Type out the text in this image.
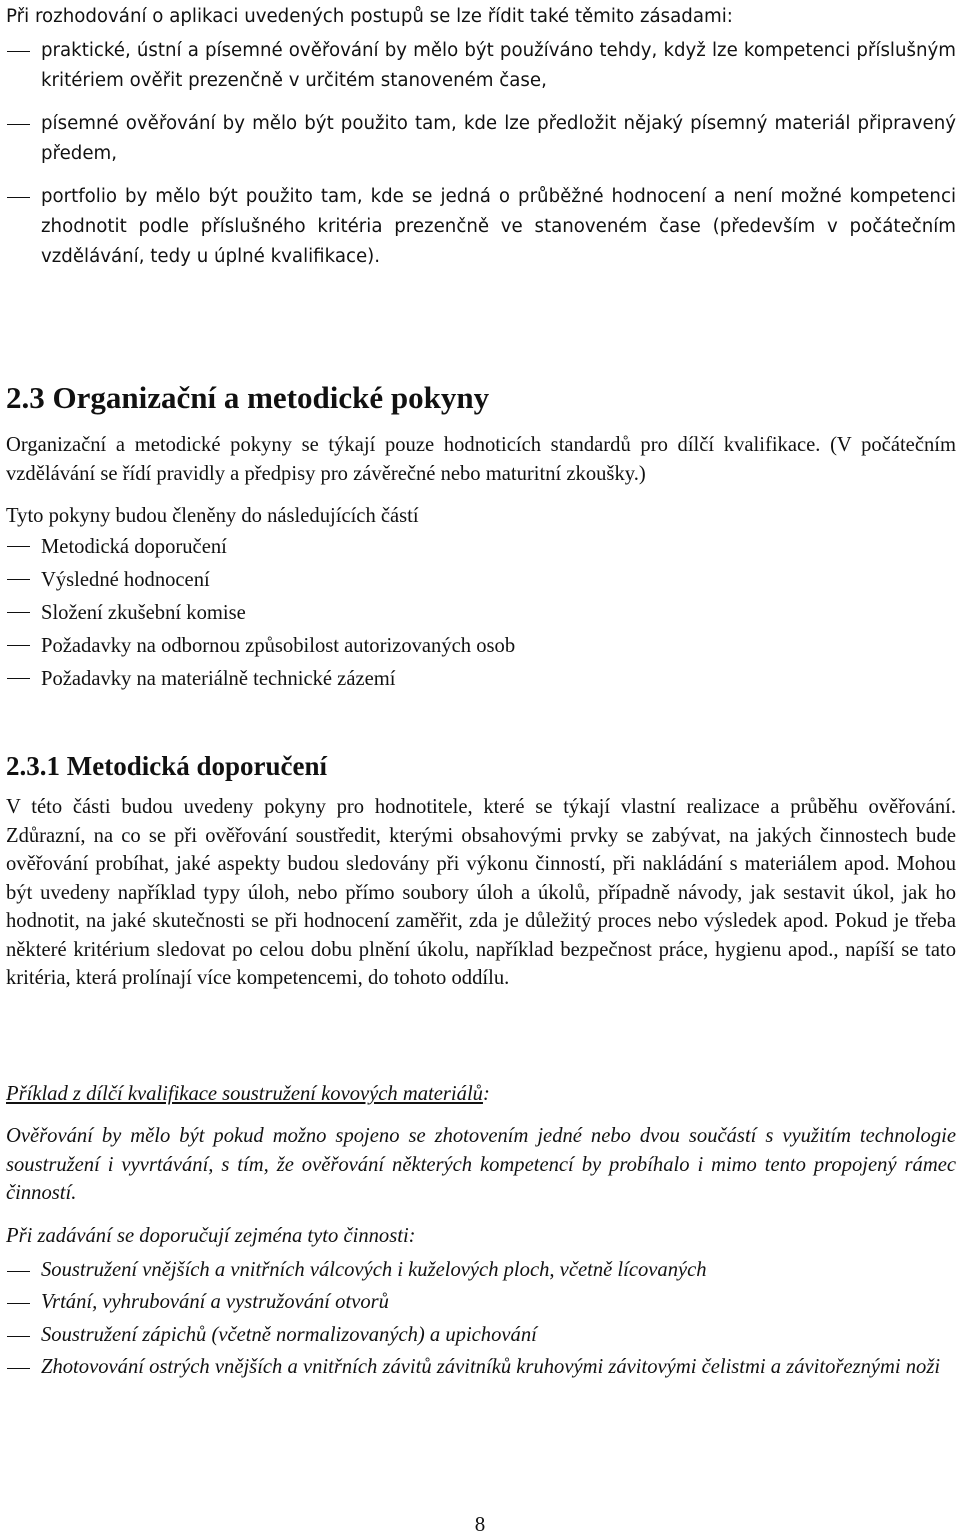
Při rozhodování o aplikaci uvedených postupů se lze řídit také těmito zásadami:

praktické, ústní a písemné ověřování by mělo být používáno tehdy, když lze kompetenci příslušným kritériem ověřit prezenčně v určitém stanoveném čase,
písemné ověřování by mělo být použito tam, kde lze předložit nějaký písemný materiál připravený předem,
portfolio by mělo být použito tam, kde se jedná o průběžné hodnocení a není možné kompetenci zhodnotit podle příslušného kritéria prezenčně ve stanoveném čase (především v počátečním vzdělávání, tedy u úplné kvalifikace).
2.3 Organizační a metodické pokyny

Organizační a metodické pokyny se týkají pouze hodnoticích standardů pro dílčí kvalifikace. (V počátečním vzdělávání se řídí pravidly a předpisy pro závěrečné nebo maturitní zkoušky.)

Tyto pokyny budou členěny do následujících částí

Metodická doporučení
Výsledné hodnocení
Složení zkušební komise
Požadavky na odbornou způsobilost autorizovaných osob
Požadavky na materiálně technické zázemí
2.3.1 Metodická doporučení

V této části budou uvedeny pokyny pro hodnotitele, které se týkají vlastní realizace a průběhu ověřování. Zdůrazní, na co se při ověřování soustředit, kterými obsahovými prvky se zabývat, na jakých činnostech bude ověřování probíhat, jaké aspekty budou sledovány při výkonu činností, při nakládání s materiálem apod. Mohou být uvedeny například typy úloh, nebo přímo soubory úloh a úkolů, případně návody, jak sestavit úkol, jak ho hodnotit, na jaké skutečnosti se při hodnocení zaměřit, zda je důležitý proces nebo výsledek apod. Pokud je třeba některé kritérium sledovat po celou dobu plnění úkolu, například bezpečnost práce, hygienu apod., napíší se tato kritéria, která prolínají více kompetencemi, do tohoto oddílu.

Příklad z dílčí kvalifikace soustružení kovových materiálů:

Ověřování by mělo být pokud možno spojeno se zhotovením jedné nebo dvou součástí s využitím technologie soustružení i vyvrtávání, s tím, že ověřování některých kompetencí by probíhalo i mimo tento propojený rámec činností.

Při zadávání se doporučují zejména tyto činnosti:

Soustružení vnějších a vnitřních válcových i kuželových ploch, včetně lícovaných
Vrtání, vyhrubování a vystružování otvorů
Soustružení zápichů (včetně normalizovaných) a upichování
Zhotovování ostrých vnějších a vnitřních závitů závitníků kruhovými závitovými čelistmi a závitořeznými noži
8
